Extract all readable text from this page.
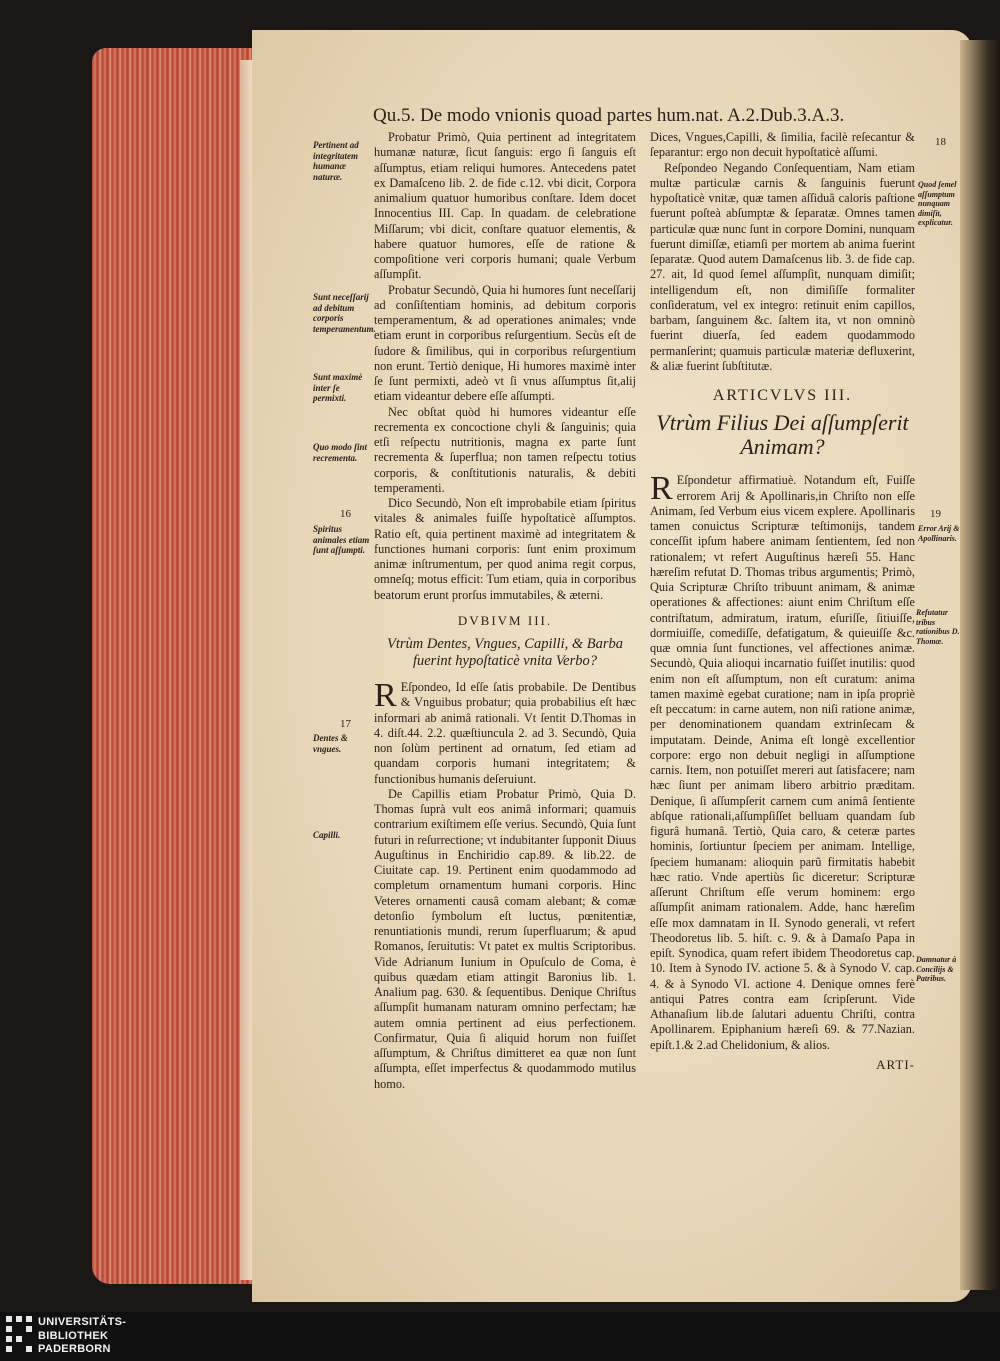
Qu.5. De modo vnionis quoad partes hum.nat. A.2.Dub.3.A.3.
Pertinent ad integritatem humanæ naturæ.
Sunt neceſſarij ad debitum corporis temperamentum.
Sunt maximè inter ſe permixti.
Quo modo ſint recrementa.
16
Spiritus animales etiam ſunt aſſumpti.
17
Dentes & vngues.
Capilli.
18
Quod ſemel aſſumptum nunquam dimiſit, explicatur.
19
Error Arij & Apollinaris.
Refutatur tribus rationibus D. Thomæ.
Damnatur à Concilijs & Patribus.

Probatur Primò, Quia pertinent ad integritatem humanæ naturæ, ſicut ſanguis: ergo ſi ſanguis eſt aſſumptus, etiam reliqui humores. Antecedens patet ex Damaſceno lib. 2. de fide c.12. vbi dicit, Corpora animalium quatuor humoribus conſtare. Idem docet Innocentius III. Cap. In quadam. de celebratione Miſſarum; vbi dicit, conſtare quatuor elementis, & habere quatuor humores, eſſe de ratione & compoſitione veri corporis humani; quale Verbum aſſumpſit.

Probatur Secundò, Quia hi humores ſunt neceſſarij ad conſiſtentiam hominis, ad debitum corporis temperamentum, & ad operationes animales; vnde etiam erunt in corporibus reſurgentium. Secùs eſt de ſudore & ſimilibus, qui in corporibus reſurgentium non erunt. Tertiò denique, Hi humores maximè inter ſe ſunt permixti, adeò vt ſi vnus aſſumptus ſit,alij etiam videantur debere eſſe aſſumpti.

Nec obſtat quòd hi humores videantur eſſe recrementa ex concoctione chyli & ſanguinis; quia etſi reſpectu nutritionis, magna ex parte ſunt recrementa & ſuperflua; non tamen reſpectu totius corporis, & conſtitutionis naturalis, & debiti temperamenti.

Dico Secundò, Non eſt improbabile etiam ſpiritus vitales & animales fuiſſe hypoſtaticè aſſumptos. Ratio eſt, quia pertinent maximè ad integritatem & functiones humani corporis: ſunt enim proximum animæ inſtrumentum, per quod anima regit corpus, omneſq; motus efficit: Tum etiam, quia in corporibus beatorum erunt prorſus immutabiles, & æterni.

DVBIVM III.
Vtrùm Dentes, Vngues, Capilli, & Barba fuerint hypoſtaticè vnita Verbo?

R Eſpondeo, Id eſſe ſatis probabile. De Dentibus & Vnguibus probatur; quia probabilius eſt hæc informari ab animâ rationali. Vt ſentit D.Thomas in 4. diſt.44. 2.2. quæſtiuncula 2. ad 3. Secundò, Quia non ſolùm pertinent ad ornatum, ſed etiam ad quandam corporis humani integritatem; & functionibus humanis deſeruiunt.

De Capillis etiam Probatur Primò, Quia D. Thomas ſuprà vult eos animâ informari; quamuis contrarium exiſtimem eſſe verius. Secundò, Quia ſunt futuri in reſurrectione; vt indubitanter ſupponit Diuus Auguſtinus in Enchiridio cap.89. & lib.22. de Ciuitate cap. 19. Pertinent enim quodammodo ad completum ornamentum humani corporis. Hinc Veteres ornamenti causâ comam alebant; & comæ detonſio ſymbolum eſt luctus, pœnitentiæ, renuntiationis mundi, rerum ſuperfluarum; & apud Romanos, ſeruitutis: Vt patet ex multis Scriptoribus. Vide Adrianum Iunium in Opuſculo de Coma, è quibus quædam etiam attingit Baronius lib. 1. Analium pag. 630. & ſequentibus. Denique Chriſtus aſſumpſit humanam naturam omnino perfectam; hæ autem omnia pertinent ad eius perfectionem. Confirmatur, Quia ſi aliquid horum non fuiſſet aſſumptum, & Chriſtus dimitteret ea quæ non ſunt aſſumpta, eſſet imperfectus & quodammodo mutilus homo.

Dices, Vngues,Capilli, & ſimilia, facilè reſecantur & ſeparantur: ergo non decuit hypoſtaticè aſſumi.

Reſpondeo Negando Conſequentiam, Nam etiam multæ particulæ carnis & ſanguinis fuerunt hypoſtaticè vnitæ, quæ tamen aſſiduâ caloris paſtione fuerunt poſteà abſumptæ & ſeparatæ. Omnes tamen particulæ quæ nunc ſunt in corpore Domini, nunquam fuerunt dimiſſæ, etiamſi per mortem ab anima fuerint ſeparatæ. Quod autem Damaſcenus lib. 3. de fide cap. 27. ait, Id quod ſemel aſſumpſit, nunquam dimiſit; intelligendum eſt, non dimiſiſſe formaliter conſideratum, vel ex integro: retinuit enim capillos, barbam, ſanguinem &c. ſaltem ita, vt non omninò fuerint diuerſa, ſed eadem quodammodo permanſerint; quamuis particulæ materiæ defluxerint, & aliæ fuerint ſubſtitutæ.

ARTICVLVS III.
Vtrùm Filius Dei aſſumpſerit Animam?

R Eſpondetur affirmatiuè. Notandum eſt, Fuiſſe errorem Arij & Apollinaris,in Chriſto non eſſe Animam, ſed Verbum eius vicem explere. Apollinaris tamen conuictus Scripturæ teſtimonijs, tandem conceſſit ipſum habere animam ſentientem, ſed non rationalem; vt refert Auguſtinus hæreſi 55. Hanc hæreſim refutat D. Thomas tribus argumentis; Primò, Quia Scripturæ Chriſto tribuunt animam, & animæ operationes & affectiones: aiunt enim Chriſtum eſſe contriſtatum, admiratum, iratum, eſuriſſe, ſitiuiſſe, dormiuiſſe, comediſſe, defatigatum, & quieuiſſe &c. quæ omnia ſunt functiones, vel affectiones animæ. Secundò, Quia alioqui incarnatio fuiſſet inutilis: quod enim non eſt aſſumptum, non eſt curatum: anima tamen maximè egebat curatione; nam in ipſa propriè eſt peccatum: in carne autem, non niſi ratione animæ, per denominationem quandam extrinſecam & imputatam. Deinde, Anima eſt longè excellentior corpore: ergo non debuit negligi in aſſumptione carnis. Item, non potuiſſet mereri aut ſatisfacere; nam hæc ſiunt per animam libero arbitrio præditam. Denique, ſi aſſumpſerit carnem cum animâ ſentiente abſque rationali,aſſumpſiſſet belluam quandam ſub figurâ humanâ. Tertiò, Quia caro, & ceteræ partes hominis, ſortiuntur ſpeciem per animam. Intellige, ſpeciem humanam: alioquin parũ firmitatis habebit hæc ratio. Vnde apertiùs ſic diceretur: Scripturæ aſſerunt Chriſtum eſſe verum hominem: ergo aſſumpſit animam rationalem. Adde, hanc hæreſim eſſe mox damnatam in II. Synodo generali, vt refert Theodoretus lib. 5. hiſt. c. 9. & à Damaſo Papa in epiſt. Synodica, quam refert ibidem Theodoretus cap. 10. Item à Synodo IV. actione 5. & à Synodo V. cap. 4. & à Synodo VI. actione 4. Denique omnes ferè antiqui Patres contra eam ſcripſerunt. Vide Athanaſium lib.de ſalutari aduentu Chriſti, contra Apollinarem. Epiphanium hæreſi 69. & 77.Nazian. epiſt.1.& 2.ad Chelidonium, & alios.

ARTI-
UNIVERSITÄTS-
BIBLIOTHEK
PADERBORN
